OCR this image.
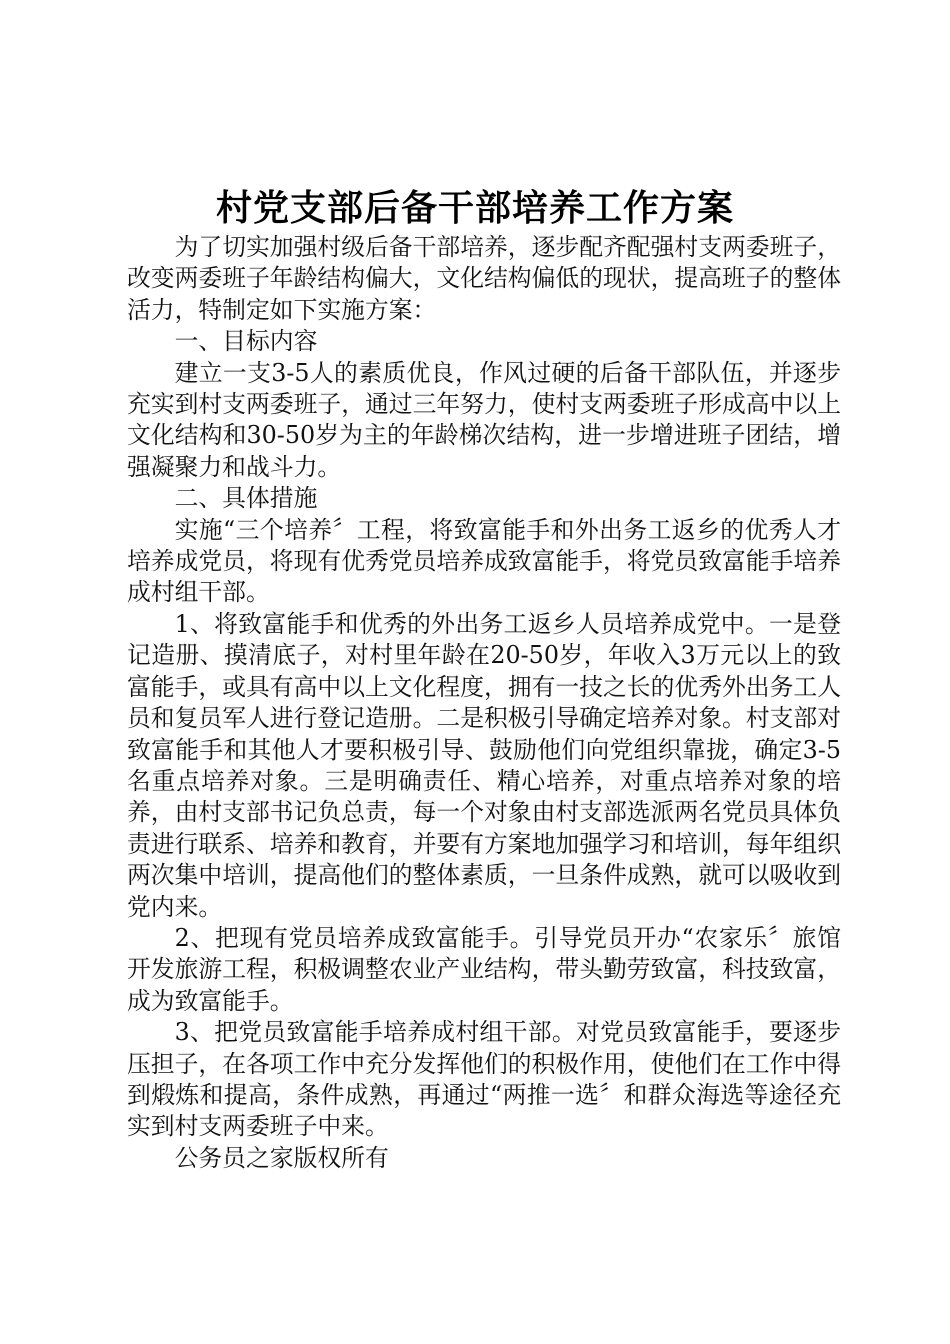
村党支部后备干部培养工作方案

为了切实加强村级后备干部培养，逐步配齐配强村支两委班子，改变两委班子年龄结构偏大，文化结构偏低的现状，提高班子的整体活力，特制定如下实施方案：

一、目标内容

建立一支3-5人的素质优良，作风过硬的后备干部队伍，并逐步充实到村支两委班子，通过三年努力，使村支两委班子形成高中以上文化结构和30-50岁为主的年龄梯次结构，进一步增进班子团结，增强凝聚力和战斗力。

二、具体措施

实施“三个培养〞工程，将致富能手和外出务工返乡的优秀人才培养成党员，将现有优秀党员培养成致富能手，将党员致富能手培养成村组干部。

1、将致富能手和优秀的外出务工返乡人员培养成党中。一是登记造册、摸清底子，对村里年龄在20-50岁，年收入3万元以上的致富能手，或具有高中以上文化程度，拥有一技之长的优秀外出务工人员和复员军人进行登记造册。二是积极引导确定培养对象。村支部对致富能手和其他人才要积极引导、鼓励他们向党组织靠拢，确定3-5名重点培养对象。三是明确责任、精心培养，对重点培养对象的培养，由村支部书记负总责，每一个对象由村支部选派两名党员具体负责进行联系、培养和教育，并要有方案地加强学习和培训，每年组织两次集中培训，提高他们的整体素质，一旦条件成熟，就可以吸收到党内来。

2、把现有党员培养成致富能手。引导党员开办“农家乐〞旅馆开发旅游工程，积极调整农业产业结构，带头勤劳致富，科技致富，成为致富能手。

3、把党员致富能手培养成村组干部。对党员致富能手，要逐步压担子，在各项工作中充分发挥他们的积极作用，使他们在工作中得到煅炼和提高，条件成熟，再通过“两推一选〞和群众海选等途径充实到村支两委班子中来。

公务员之家版权所有
